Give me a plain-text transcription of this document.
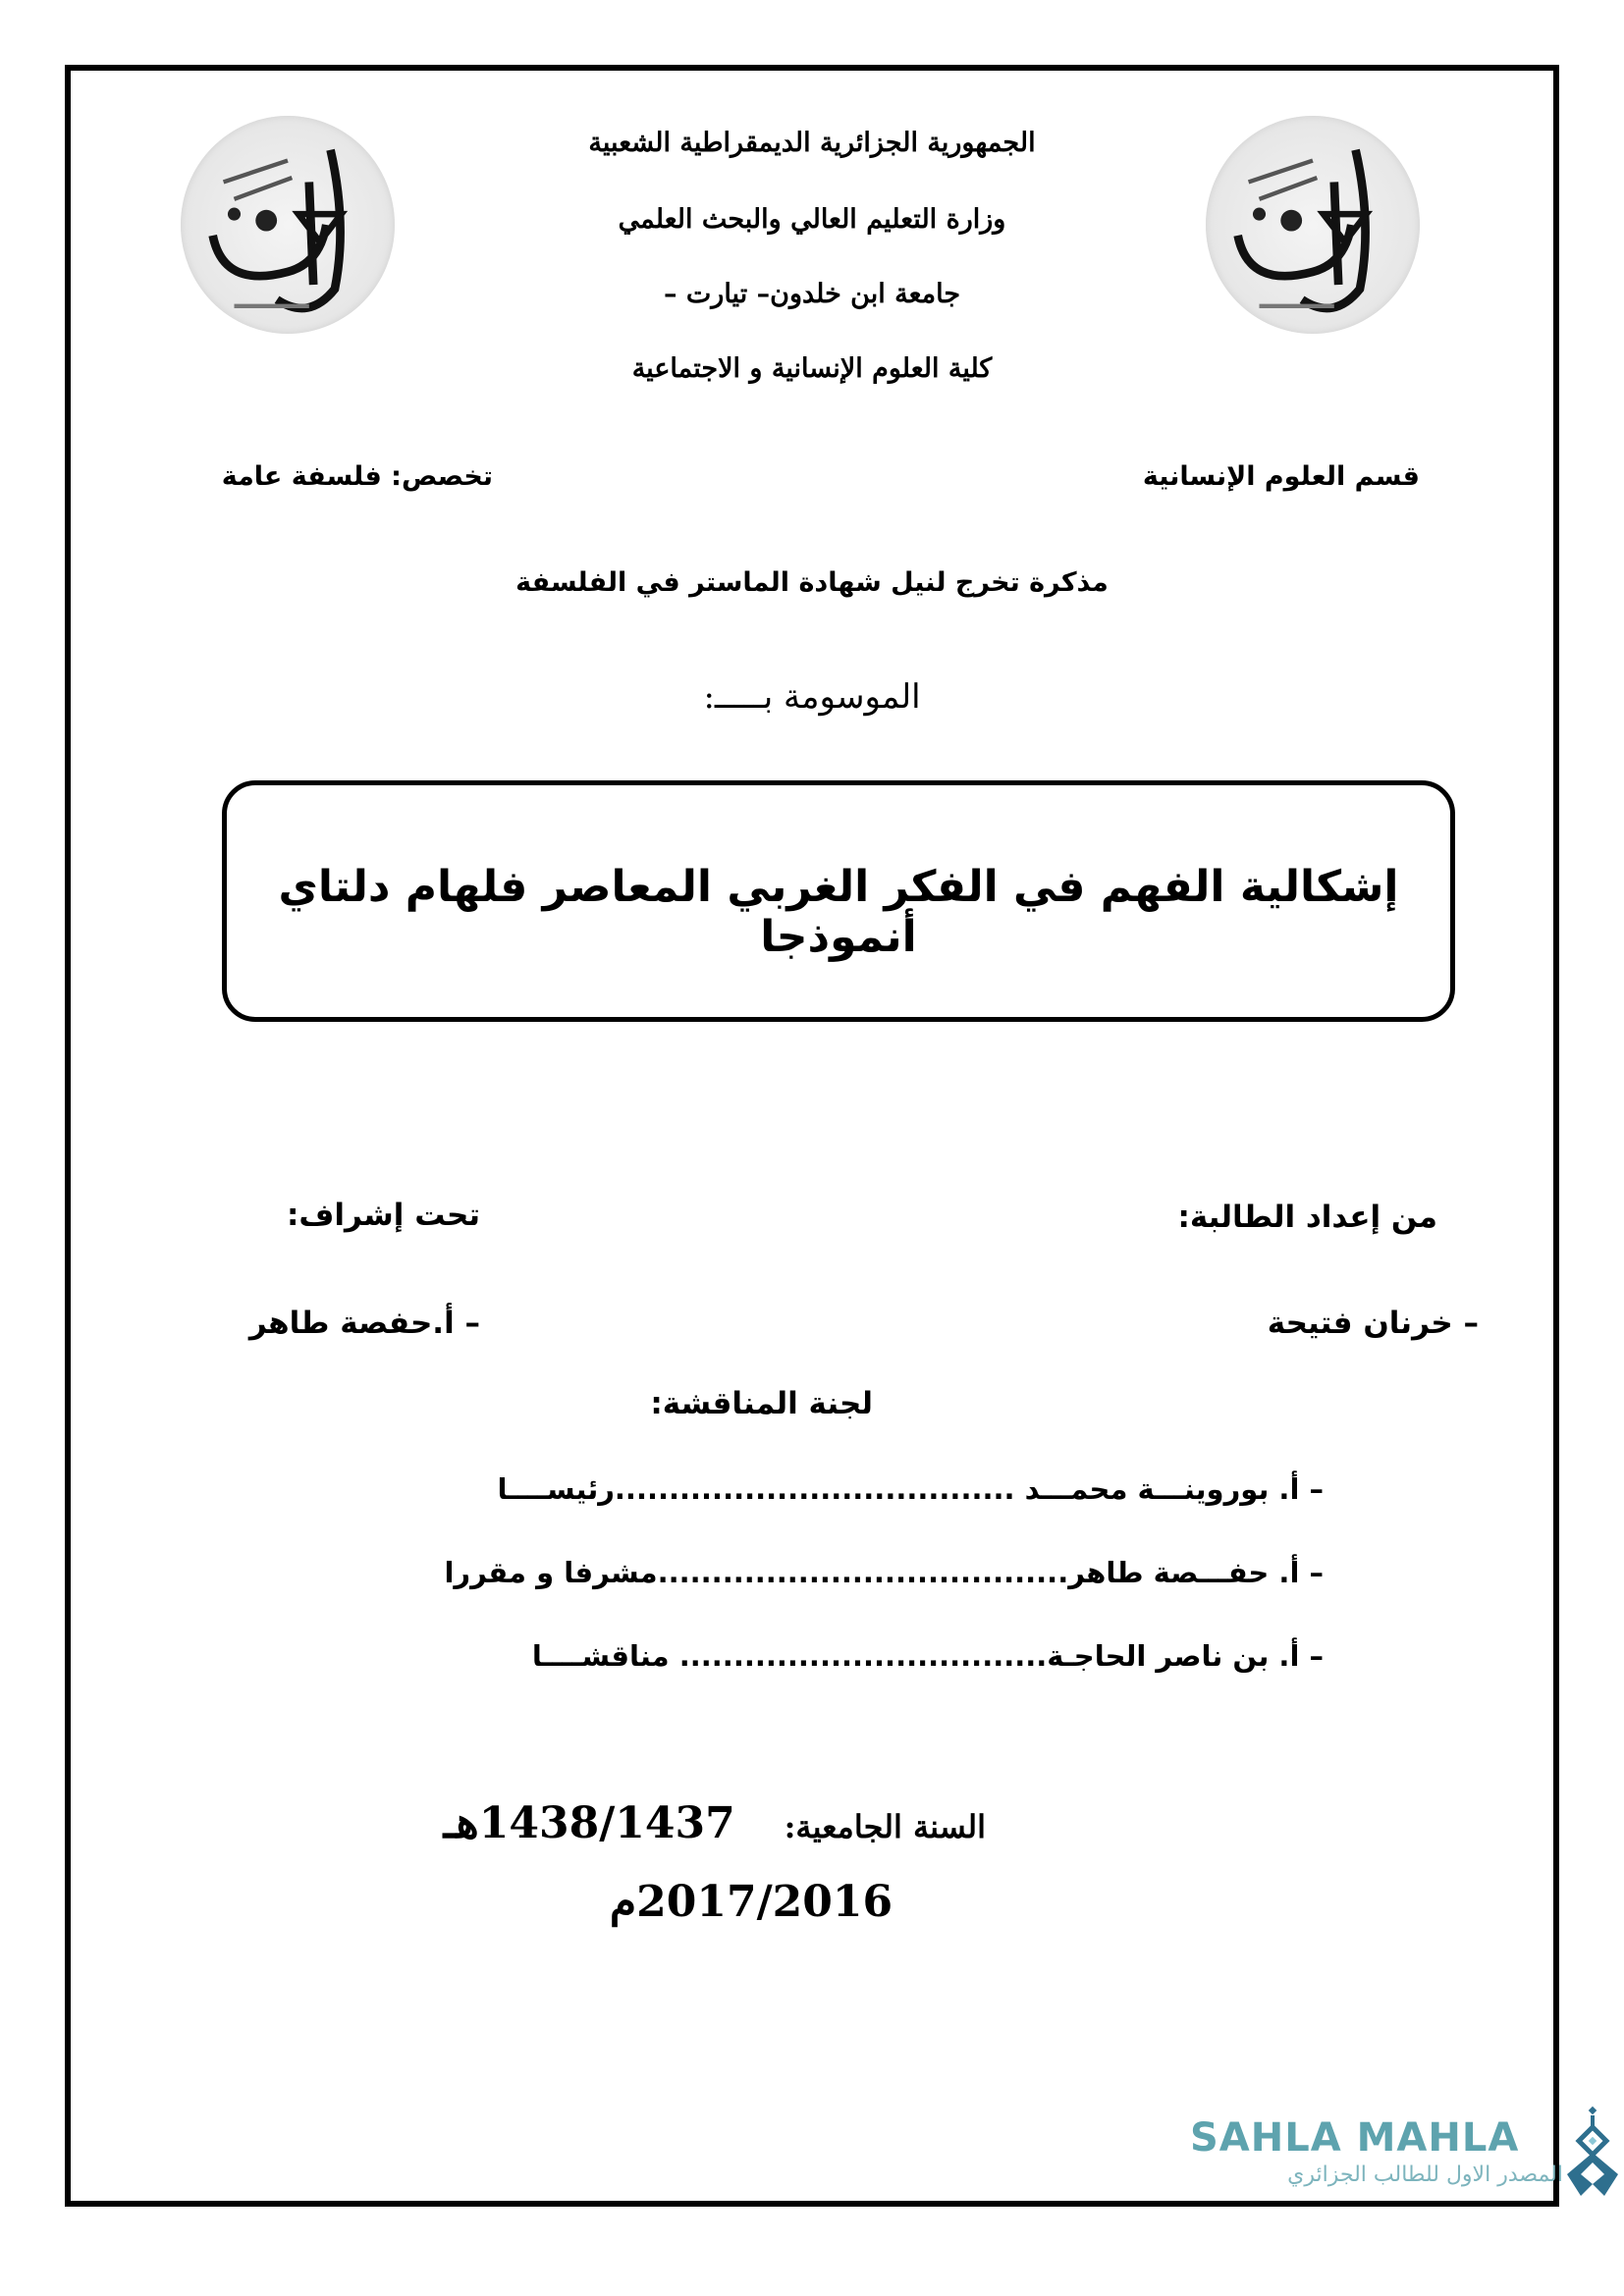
الجمهورية الجزائرية الديمقراطية الشعبية
وزارة التعليم العالي والبحث العلمي
جامعة ابن خلدون– تيارت –
كلية العلوم الإنسانية و الاجتماعية
قسم العلوم الإنسانية
تخصص: فلسفة عامة
مذكرة تخرج لنيل شهادة الماستر في الفلسفة
الموسومة بـــــ:
إشكالية الفهم في الفكر الغربي المعاصر فلهام دلتاي أنموذجا
من إعداد الطالبة:
تحت إشراف:
– خرنان فتيحة
– أ.حفصة طاهر
لجنة المناقشة:
– أ. بوروينـــة محمـــد .....................................رئيســــا
– أ. حفـــصة طاهر......................................مشرفا و مقررا
– أ. بن ناصر الحاجـة.................................. مناقشــــا
السنة الجامعية:  1438/1437هـ
2017/2016م
SAHLA MAHLA
المصدر الاول للطالب الجزائري
